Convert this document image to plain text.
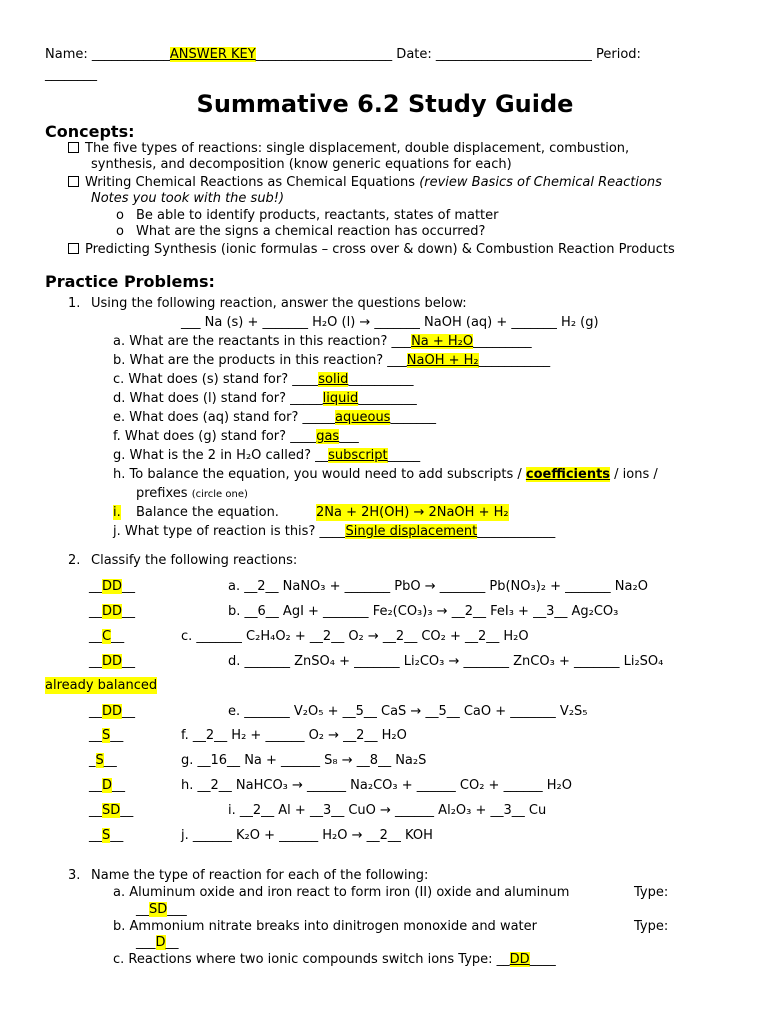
Name: ____________ANSWER KEY_____________________ Date: ________________________ Period:
________
Summative 6.2 Study Guide
Concepts:
The five types of reactions: single displacement, double displacement, combustion,
synthesis, and decomposition (know generic equations for each)
Writing Chemical Reactions as Chemical Equations (review Basics of Chemical Reactions
Notes you took with the sub!)
o Be able to identify products, reactants, states of matter
o What are the signs a chemical reaction has occurred?
Predicting Synthesis (ionic formulas – cross over & down) & Combustion Reaction Products
Practice Problems:
1. Using the following reaction, answer the questions below:
___ Na (s) + _______ H₂O (l) → _______ NaOH (aq) + _______ H₂ (g)
a. What are the reactants in this reaction? ___Na + H₂O_________
b. What are the products in this reaction? ___NaOH + H₂___________
c. What does (s) stand for? ____solid__________
d. What does (l) stand for? _____liquid_________
e. What does (aq) stand for? _____aqueous_______
f. What does (g) stand for? ____gas___
g. What is the 2 in H₂O called? __subscript_____
h. To balance the equation, you would need to add subscripts / coefficients / ions /
prefixes (circle one)
i. Balance the equation.	2Na + 2H(OH) → 2NaOH + H₂
j. What type of reaction is this? ____Single displacement____________
2. Classify the following reactions:
__DD__	a. __2__ NaNO₃ + _______ PbO → _______ Pb(NO₃)₂ + _______ Na₂O
__DD__	b. __6__ AgI + _______ Fe₂(CO₃)₃ → __2__ FeI₃ + __3__ Ag₂CO₃
__C__	c. _______ C₂H₄O₂ + __2__ O₂ → __2__ CO₂ + __2__ H₂O
__DD__	d. _______ ZnSO₄ + _______ Li₂CO₃ → _______ ZnCO₃ + _______ Li₂SO₄
already balanced
__DD__	e. _______ V₂O₅ + __5__ CaS → __5__ CaO + _______ V₂S₅
__S__	f. __2__ H₂ + ______ O₂ → __2__ H₂O
_S__	g. __16__ Na + ______ S₈ → __8__ Na₂S
__D__	h. __2__ NaHCO₃ → ______ Na₂CO₃ + ______ CO₂ + ______ H₂O
__SD__	i. __2__ Al + __3__ CuO → ______ Al₂O₃ + __3__ Cu
__S__	j. ______ K₂O + ______ H₂O → __2__ KOH
3. Name the type of reaction for each of the following:
a. Aluminum oxide and iron react to form iron (II) oxide and aluminum	Type:
__SD___
b. Ammonium nitrate breaks into dinitrogen monoxide and water	Type:
___D__
c. Reactions where two ionic compounds switch ions Type: __DD____
